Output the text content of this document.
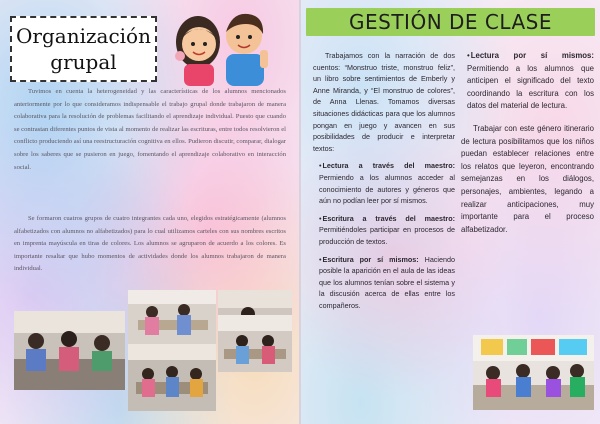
Organización
grupal

Tuvimos en cuenta la heterogeneidad y las características de los alumnos mencionados anteriormente por lo que consideramos indispensable el trabajo grupal donde trabajaron de manera colaborativa para la resolución de problemas facilitando el aprendizaje individual. Puesto que cuando se contrastan diferentes puntos de vista al momento de realizar las escrituras, entre todos resolvieron el conflicto produciendo así una reestructuración cognitiva en ellos. Pudieron discutir, comparar, dialogar sobre los saberes que se pusieron en juego, fomentando el aprendizaje colaborativo en interacción social.

Se formaron cuatros grupos de cuatro integrantes cada uno, elegidos estratégicamente (alumnos alfabetizados con alumnos no alfabetizados) para lo cual utilizamos carteles con sus nombres escritos en imprenta mayúscula en tiras de colores. Los alumnos se agruparon de acuerdo a los colores. Es importante resaltar que hubo momentos de actividades donde los alumnos trabajaron de manera individual.

GESTIÓN DE CLASE

Trabajamos con la narración de dos cuentos: “Monstruo triste, monstruo feliz”, un libro sobre sentimientos de Emberly y Anne Miranda, y “El monstruo de colores”, de Anna Llenas. Tomamos diversas situaciones didácticas para que los alumnos pongan en juego y avancen en sus posibilidades de producir e interpretar textos:

•Lectura a través del maestro: Permiendo a los alumnos acceder al conocimiento de autores y géneros que aún no podían leer por sí mismos.

•Escritura a través del maestro: Permitiéndoles participar en procesos de producción de textos.

•Escritura por sí mismos: Haciendo posible la aparición en el aula de las ideas que los alumnos tenían sobre el sistema y la discusión acerca de ellas entre los compañeros.

•Lectura por sí mismos: Permitiendo a los alumnos que anticipen el significado del texto coordinando la escritura con los datos del material de lectura.

Trabajar con este género itinerario de lectura posibilitamos que los niños puedan establecer relaciones entre los relatos que leyeron, encontrando semejanzas en los diálogos, personajes, ambientes, legando a realizar anticipaciones, muy importante para el proceso alfabetizador.
